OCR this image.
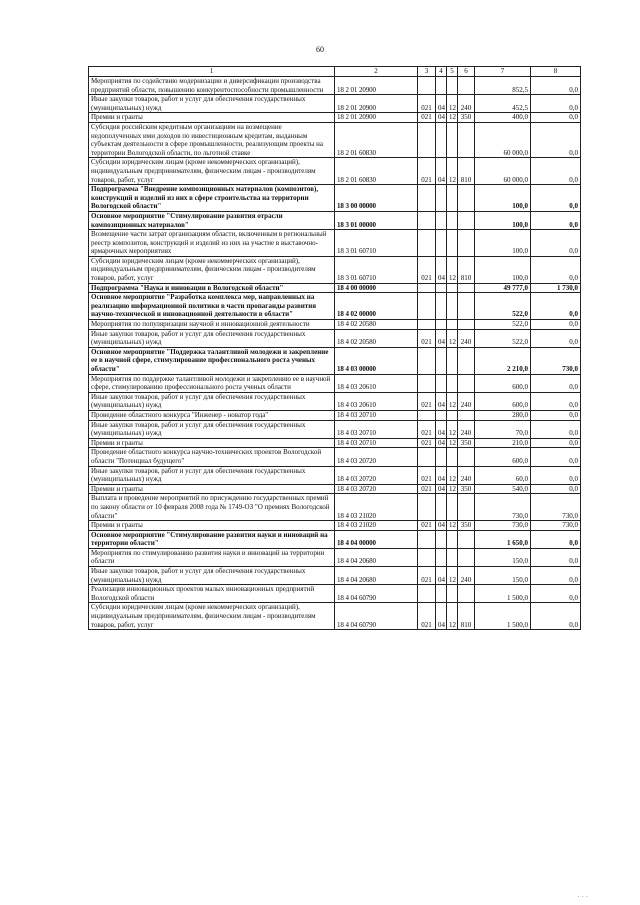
60
1	2	3	4	5	6	7	8
Мероприятия по содействию модернизации и диверсификации производства предприятий области, повышению конкурентоспособности промышленности	18 2 01 20900					852,5	0,0
Иные закупки товаров, работ и услуг для обеспечения государственных (муниципальных) нужд	18 2 01 20900	021	04	12	240	452,5	0,0
Премии и гранты	18 2 01 20900	021	04	12	350	400,0	0,0
Субсидия российским кредитным организациям на возмещение недополученных ими доходов по инвестиционным кредитам, выданным субъектам деятельности в сфере промышленности, реализующим проекты на территории Вологодской области, по льготной ставке	18 2 01 60830					60 000,0	0,0
Субсидии юридическим лицам (кроме некоммерческих организаций), индивидуальным предпринимателям, физическим лицам - производителям товаров, работ, услуг	18 2 01 60830	021	04	12	810	60 000,0	0,0
Подпрограмма "Внедрение композиционных материалов (композитов), конструкций и изделий из них в сфере строительства на территории Вологодской области"	18 3 00 00000					100,0	0,0
Основное мероприятие "Стимулирование развития отрасли композиционных материалов"	18 3 01 00000					100,0	0,0
Возмещение части затрат организациям области, включенным в региональный реестр композитов, конструкций и изделий из них на участие в выставочно-ярмарочных мероприятиях	18 3 01 60710					100,0	0,0
Субсидии юридическим лицам (кроме некоммерческих организаций), индивидуальным предпринимателям, физическим лицам - производителям товаров, работ, услуг	18 3 01 60710	021	04	12	810	100,0	0,0
Подпрограмма "Наука и инновации в Вологодской области"	18 4 00 00000					49 777,0	1 730,0
Основное мероприятие "Разработка комплекса мер, направленных на реализацию информационной политики в части пропаганды развития научно-технической и инновационной деятельности в области"	18 4 02 00000					522,0	0,0
Мероприятия по популяризации научной и инновационной деятельности	18 4 02 20580					522,0	0,0
Иные закупки товаров, работ и услуг для обеспечения государственных (муниципальных) нужд	18 4 02 20580	021	04	12	240	522,0	0,0
Основное мероприятие "Поддержка талантливой молодежи и закрепление ее в научной сфере, стимулирование профессионального роста ученых области"	18 4 03 00000					2 210,0	730,0
Мероприятия по поддержке талантливой молодежи и закреплению ее в научной сфере, стимулированию профессионального роста ученых области	18 4 03 20610					600,0	0,0
Иные закупки товаров, работ и услуг для обеспечения государственных (муниципальных) нужд	18 4 03 20610	021	04	12	240	600,0	0,0
Проведение областного конкурса "Инженер - новатор года"	18 4 03 20710					280,0	0,0
Иные закупки товаров, работ и услуг для обеспечения государственных (муниципальных) нужд	18 4 03 20710	021	04	12	240	70,0	0,0
Премии и гранты	18 4 03 20710	021	04	12	350	210,0	0,0
Проведение областного конкурса научно-технических проектов Вологодской области "Потенциал будущего"	18 4 03 20720					600,0	0,0
Иные закупки товаров, работ и услуг для обеспечения государственных (муниципальных) нужд	18 4 03 20720	021	04	12	240	60,0	0,0
Премии и гранты	18 4 03 20720	021	04	12	350	540,0	0,0
Выплата и проведение мероприятий по присуждению государственных премий по закону области от 10 февраля 2008 года № 1749-ОЗ "О премиях Вологодской области"	18 4 03 21020					730,0	730,0
Премии и гранты	18 4 03 21020	021	04	12	350	730,0	730,0
Основное мероприятие "Стимулирование развития науки и инноваций на территории области"	18 4 04 00000					1 650,0	0,0
Мероприятия по стимулированию развития науки и инноваций на территории области	18 4 04 20680					150,0	0,0
Иные закупки товаров, работ и услуг для обеспечения государственных (муниципальных) нужд	18 4 04 20680	021	04	12	240	150,0	0,0
Реализация инновационных проектов малых инновационных предприятий Вологодской области	18 4 04 60790					1 500,0	0,0
Субсидии юридическим лицам (кроме некоммерческих организаций), индивидуальным предпринимателям, физическим лицам - производителям товаров, работ, услуг	18 4 04 60790	021	04	12	810	1 500,0	0,0
· · ·
